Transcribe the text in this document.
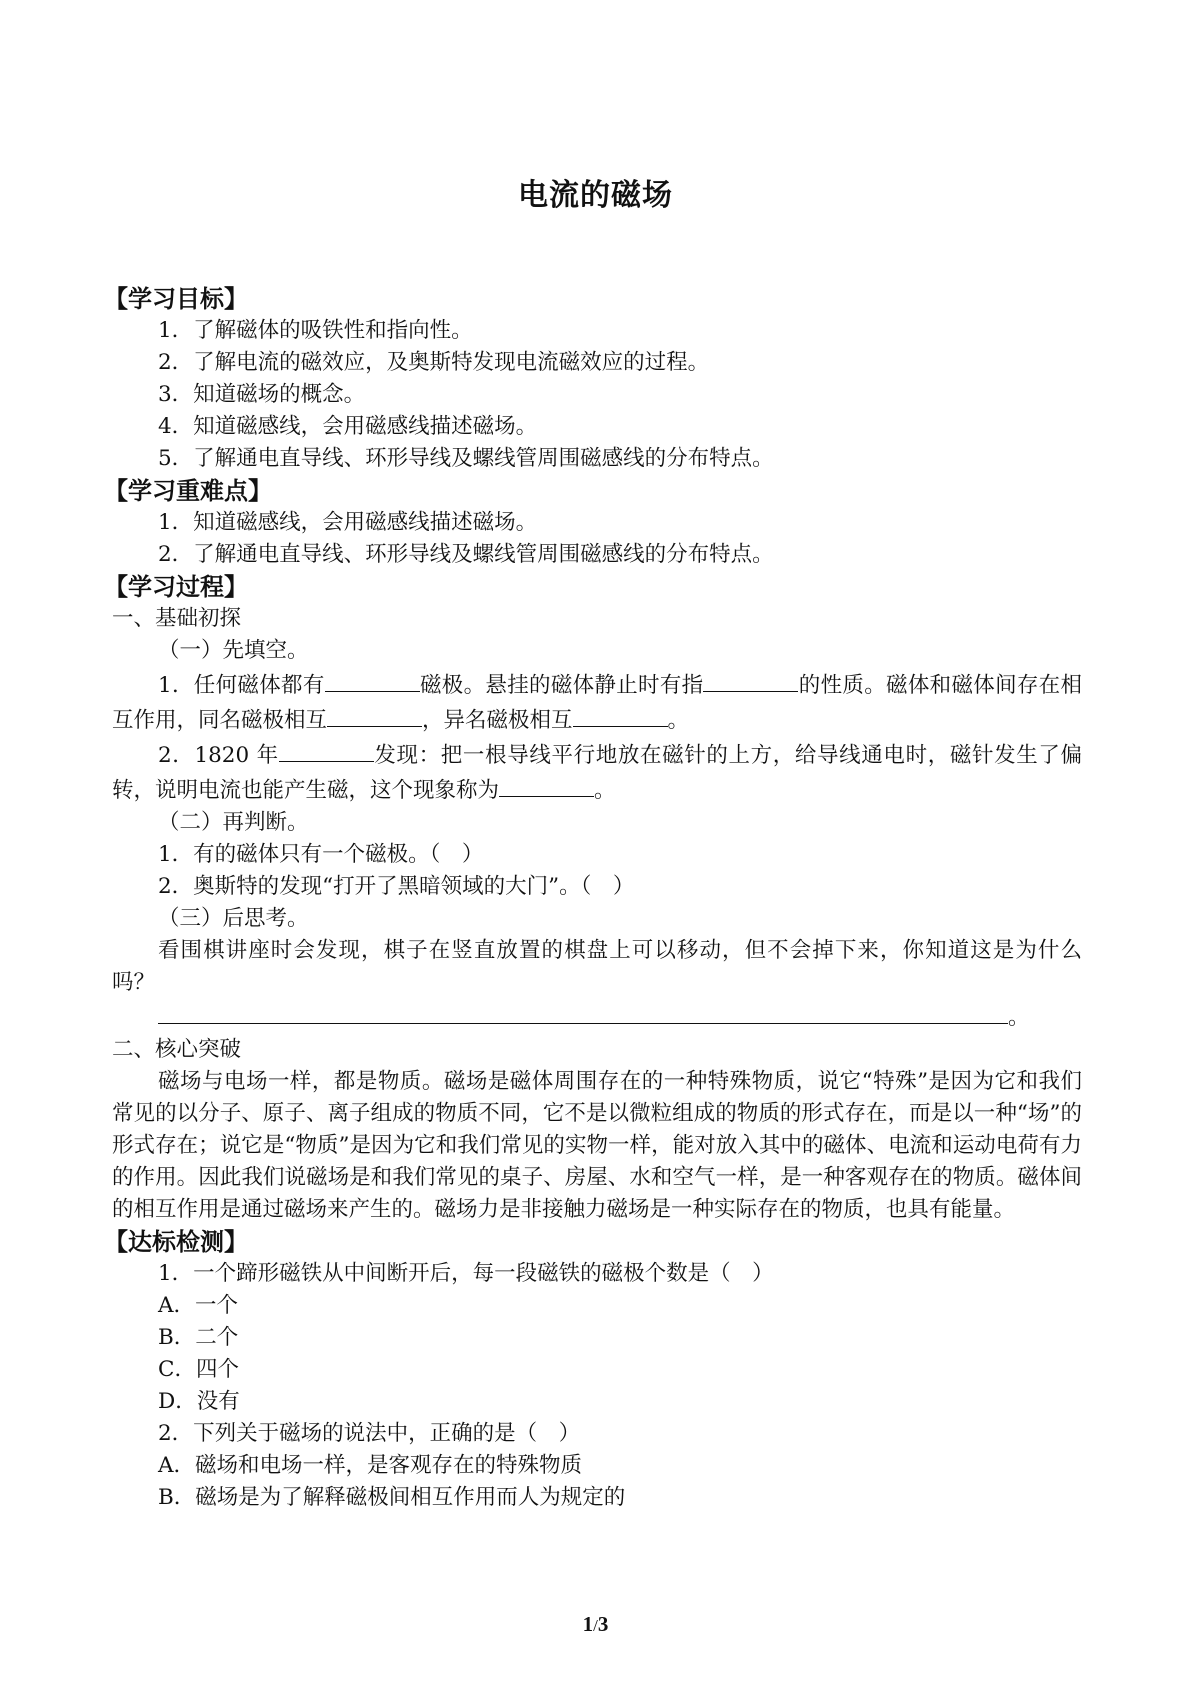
电流的磁场
【学习目标】
1．了解磁体的吸铁性和指向性。
2．了解电流的磁效应，及奥斯特发现电流磁效应的过程。
3．知道磁场的概念。
4．知道磁感线，会用磁感线描述磁场。
5．了解通电直导线、环形导线及螺线管周围磁感线的分布特点。
【学习重难点】
1．知道磁感线，会用磁感线描述磁场。
2．了解通电直导线、环形导线及螺线管周围磁感线的分布特点。
【学习过程】
一、基础初探
（一）先填空。
1．任何磁体都有	磁极。悬挂的磁体静止时有指	的性质。磁体和磁体间存在相互作用，同名磁极相互	，异名磁极相互	。
2．1820 年	发现：把一根导线平行地放在磁针的上方，给导线通电时，磁针发生了偏转，说明电流也能产生磁，这个现象称为	。
（二）再判断。
1．有的磁体只有一个磁极。（　）
2．奥斯特的发现“打开了黑暗领域的大门”。（　）
（三）后思考。
看围棋讲座时会发现，棋子在竖直放置的棋盘上可以移动，但不会掉下来，你知道这是为什么吗？
。
二、核心突破
磁场与电场一样，都是物质。磁场是磁体周围存在的一种特殊物质，说它“特殊”是因为它和我们常见的以分子、原子、离子组成的物质不同，它不是以微粒组成的物质的形式存在，而是以一种“场”的形式存在；说它是“物质”是因为它和我们常见的实物一样，能对放入其中的磁体、电流和运动电荷有力的作用。因此我们说磁场是和我们常见的桌子、房屋、水和空气一样，是一种客观存在的物质。磁体间的相互作用是通过磁场来产生的。磁场力是非接触力磁场是一种实际存在的物质，也具有能量。
【达标检测】
1．一个蹄形磁铁从中间断开后，每一段磁铁的磁极个数是（　）
A．一个
B．二个
C．四个
D．没有
2．下列关于磁场的说法中，正确的是（　）
A．磁场和电场一样，是客观存在的特殊物质
B．磁场是为了解释磁极间相互作用而人为规定的
1/3
